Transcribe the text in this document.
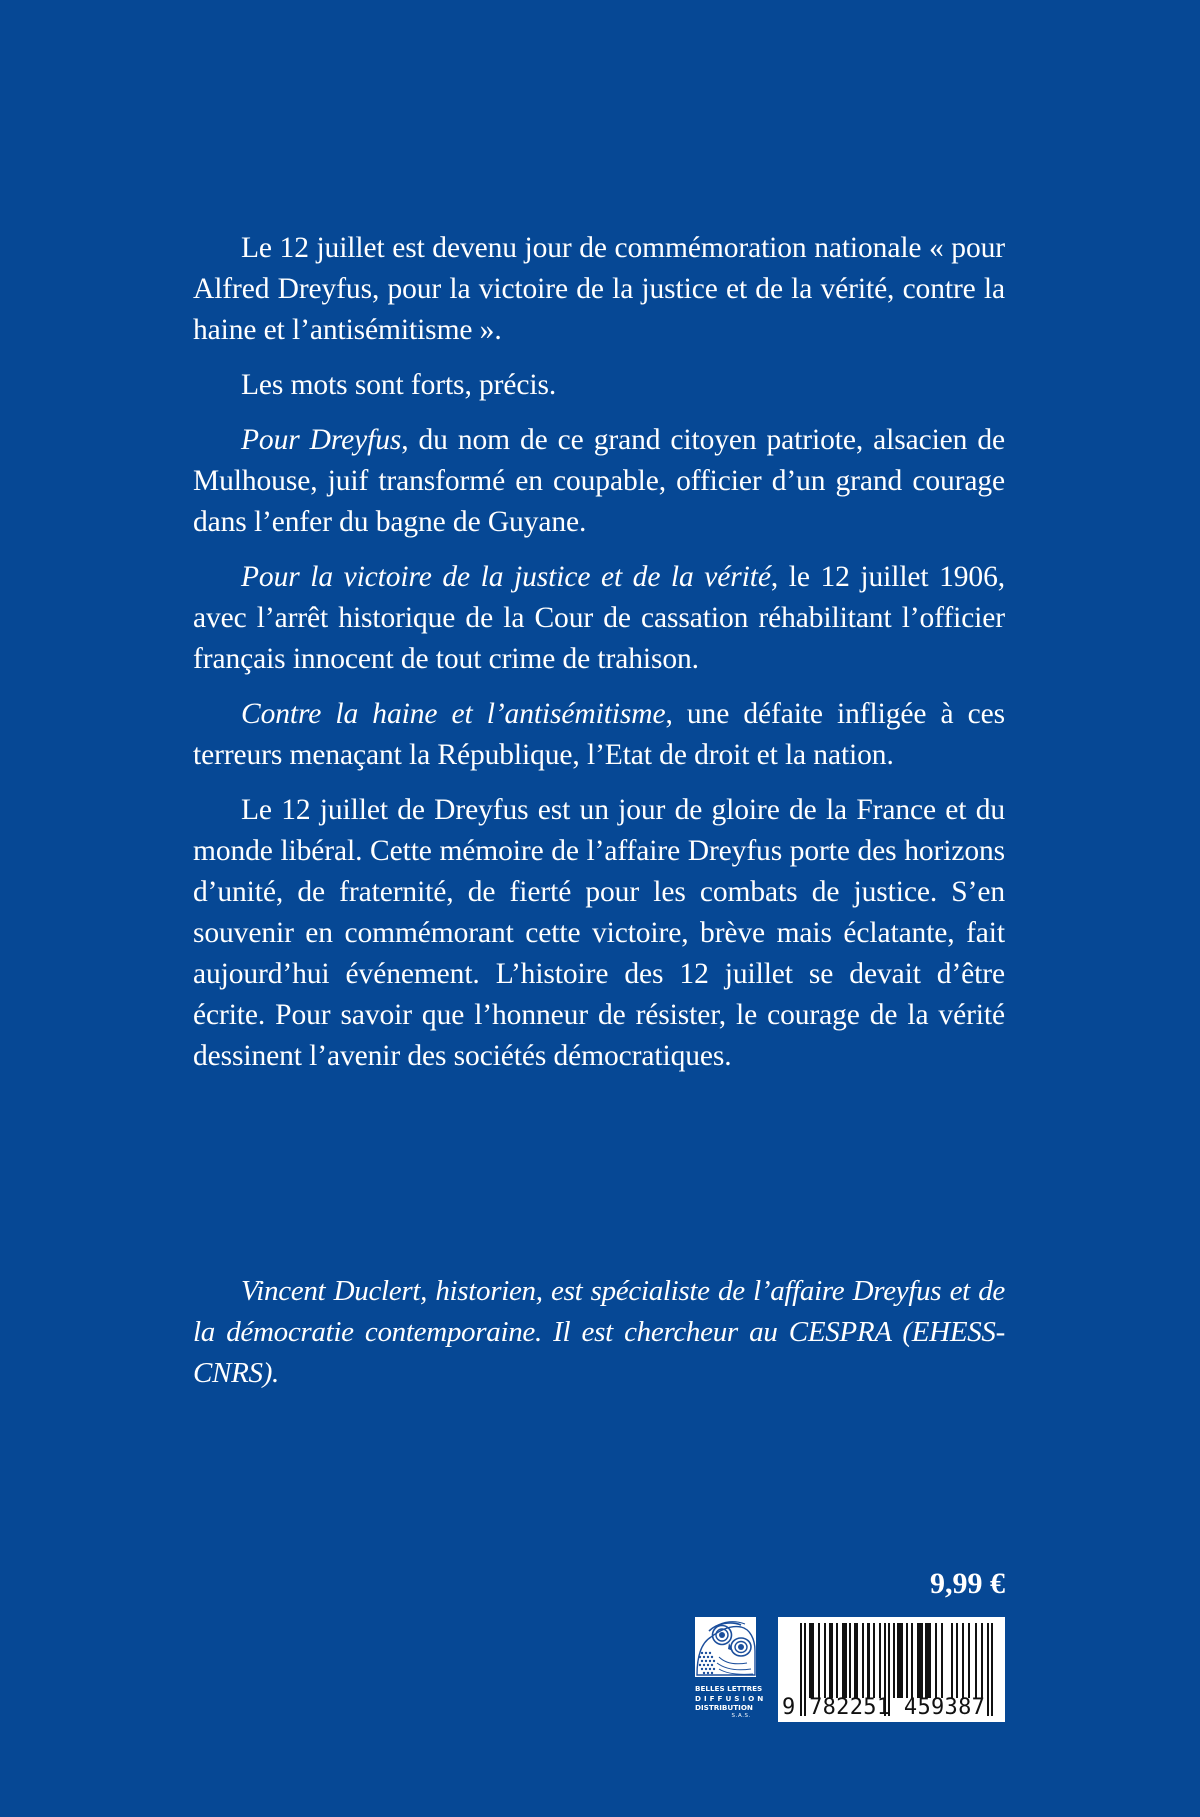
Le 12 juillet est devenu jour de commémoration nationale « pour Alfred Dreyfus, pour la victoire de la justice et de la vérité, contre la haine et l’antisémitisme ».

Les mots sont forts, précis.

Pour Dreyfus, du nom de ce grand citoyen patriote, alsacien de Mulhouse, juif transformé en coupable, officier d’un grand courage dans l’enfer du bagne de Guyane.

Pour la victoire de la justice et de la vérité, le 12 juillet 1906, avec l’arrêt historique de la Cour de cassation réhabilitant l’officier français innocent de tout crime de trahison.

Contre la haine et l’antisémitisme, une défaite infligée à ces terreurs menaçant la République, l’Etat de droit et la nation.

Le 12 juillet de Dreyfus est un jour de gloire de la France et du monde libéral. Cette mémoire de l’affaire Dreyfus porte des horizons d’unité, de fraternité, de fierté pour les combats de justice. S’en souvenir en commémorant cette victoire, brève mais éclatante, fait aujourd’hui événement. L’histoire des 12 juillet se devait d’être écrite. Pour savoir que l’honneur de résister, le courage de la vérité dessinent l’avenir des sociétés démocratiques.

Vincent Duclert, historien, est spécialiste de l’affaire Dreyfus et de la démocratie contemporaine. Il est chercheur au CESPRA (EHESS-CNRS).

9,99 €
BELLES LETTRES
DIFFUSION
DISTRIBUTION
S.A.S. 9 782251 459387
